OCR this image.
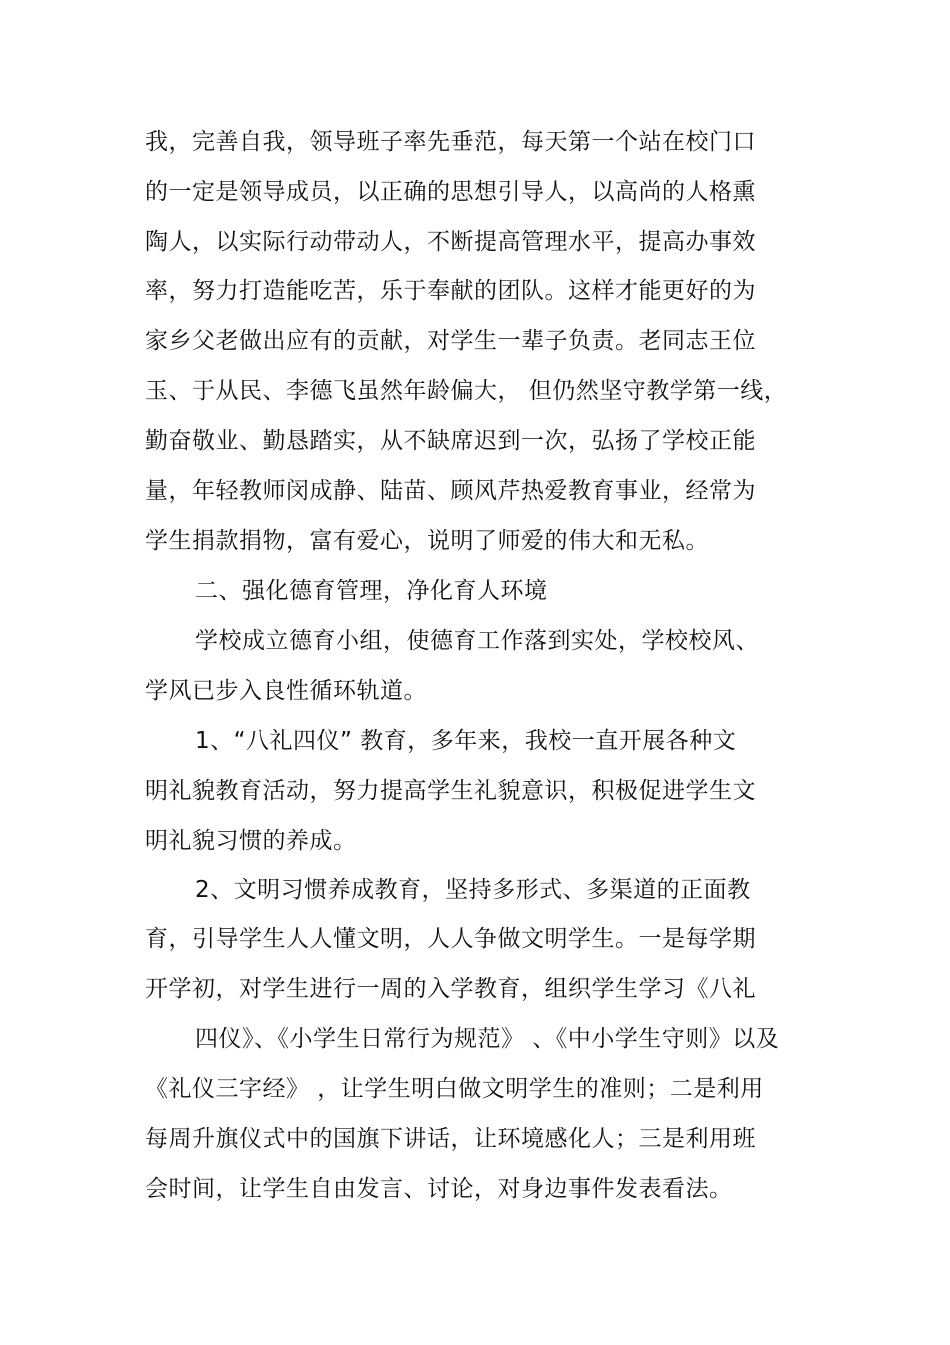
我，完善自我，领导班子率先垂范，每天第一个站在校门口
的一定是领导成员，以正确的思想引导人，以高尚的人格熏
陶人，以实际行动带动人，不断提高管理水平，提高办事效
率，努力打造能吃苦，乐于奉献的团队。这样才能更好的为
家乡父老做出应有的贡献，对学生一辈子负责。老同志王位
玉、于从民、李德飞虽然年龄偏大， 但仍然坚守教学第一线，
勤奋敬业、勤恳踏实，从不缺席迟到一次，弘扬了学校正能
量，年轻教师闵成静、陆苗、顾风芹热爱教育事业，经常为
学生捐款捐物，富有爱心，说明了师爱的伟大和无私。
二、强化德育管理，净化育人环境
学校成立德育小组，使德育工作落到实处，学校校风、
学风已步入良性循环轨道。
1、“八礼四仪” 教育，多年来，我校一直开展各种文
明礼貌教育活动，努力提高学生礼貌意识，积极促进学生文
明礼貌习惯的养成。
2、文明习惯养成教育，坚持多形式、多渠道的正面教
育，引导学生人人懂文明，人人争做文明学生。一是每学期
开学初，对学生进行一周的入学教育，组织学生学习《八礼
四仪》、《小学生日常行为规范》 、《中小学生守则》以及
《礼仪三字经》 ，让学生明白做文明学生的准则；二是利用
每周升旗仪式中的国旗下讲话，让环境感化人；三是利用班
会时间，让学生自由发言、讨论，对身边事件发表看法。
